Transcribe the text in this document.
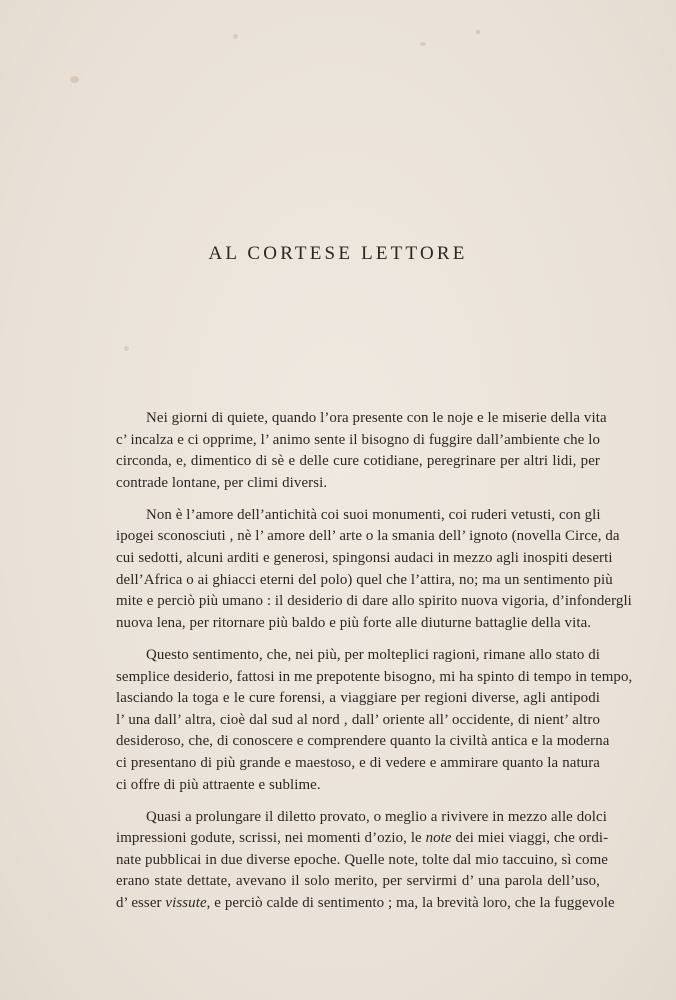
AL CORTESE LETTORE

Nei giorni di quiete, quando l’ora presente con le noje e le miserie della vita
c’ incalza e ci opprime, l’ animo sente il bisogno di fuggire dall’ambiente che lo
circonda, e, dimentico di sè e delle cure cotidiane, peregrinare per altri lidi, per
contrade lontane, per climi diversi.

Non è l’amore dell’antichità coi suoi monumenti, coi ruderi vetusti, con gli
ipogei sconosciuti , nè l’ amore dell’ arte o la smania dell’ ignoto (novella Circe, da
cui sedotti, alcuni arditi e generosi, spingonsi audaci in mezzo agli inospiti deserti
dell’Africa o ai ghiacci eterni del polo) quel che l’attira, no; ma un sentimento più
mite e perciò più umano : il desiderio di dare allo spirito nuova vigoria, d’infondergli
nuova lena, per ritornare più baldo e più forte alle diuturne battaglie della vita.

Questo sentimento, che, nei più, per molteplici ragioni, rimane allo stato di
semplice desiderio, fattosi in me prepotente bisogno, mi ha spinto di tempo in tempo,
lasciando la toga e le cure forensi, a viaggiare per regioni diverse, agli antipodi
l’ una dall’ altra, cioè dal sud al nord , dall’ oriente all’ occidente, di nient’ altro
desideroso, che, di conoscere e comprendere quanto la civiltà antica e la moderna
ci presentano di più grande e maestoso, e di vedere e ammirare quanto la natura
ci offre di più attraente e sublime.

Quasi a prolungare il diletto provato, o meglio a rivivere in mezzo alle dolci
impressioni godute, scrissi, nei momenti d’ozio, le note dei miei viaggi, che ordi-
nate pubblicai in due diverse epoche. Quelle note, tolte dal mio taccuino, sì come
erano state dettate, avevano il solo merito, per servirmi d’ una parola dell’uso,
d’ esser vissute, e perciò calde di sentimento ; ma, la brevità loro, che la fuggevole
